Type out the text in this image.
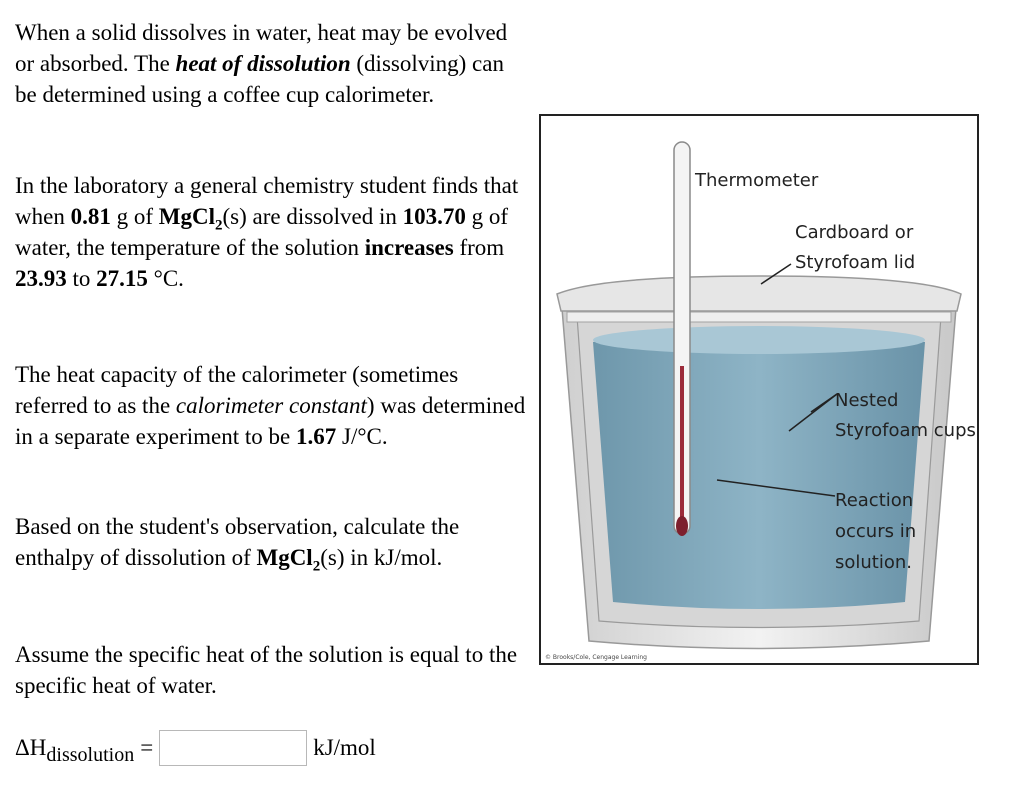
When a solid dissolves in water, heat may be evolved or absorbed. The heat of dissolution (dissolving) can be determined using a coffee cup calorimeter.

In the laboratory a general chemistry student finds that when 0.81 g of MgCl$_2$(s) are dissolved in 103.70 g of water, the temperature of the solution increases from 23.93 to 27.15 °C.

The heat capacity of the calorimeter (sometimes referred to as the calorimeter constant) was determined in a separate experiment to be 1.67 J/°C.

Based on the student's observation, calculate the enthalpy of dissolution of MgCl$_2$(s) in kJ/mol.

Assume the specific heat of the solution is equal to the specific heat of water.

ΔHdissolution =	kJ/mol
Thermometer
Cardboard or
Styrofoam lid
Nested
Styrofoam cups
Reaction
occurs in
solution.
© Brooks/Cole, Cengage Learning
